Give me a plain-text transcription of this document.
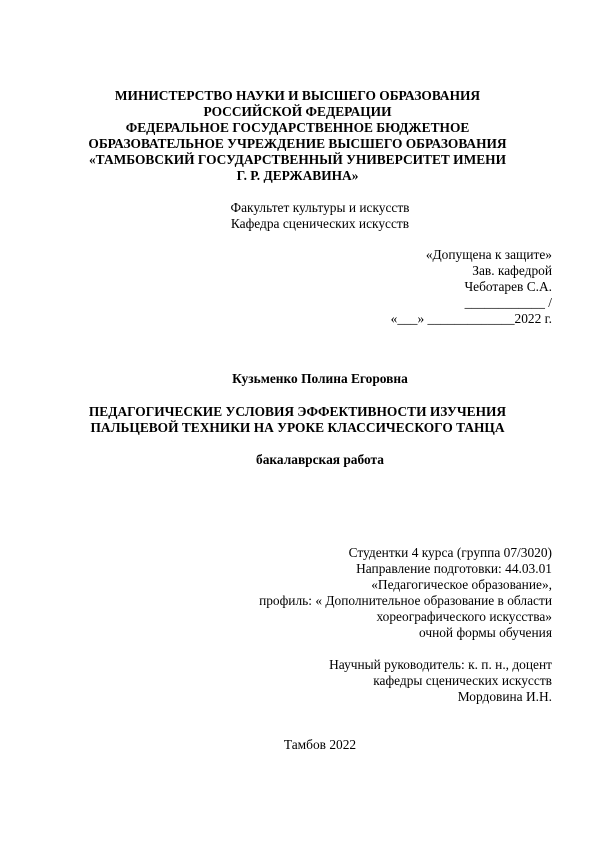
МИНИСТЕРСТВО НАУКИ И ВЫСШЕГО ОБРАЗОВАНИЯ
РОССИЙСКОЙ ФЕДЕРАЦИИ
ФЕДЕРАЛЬНОЕ ГОСУДАРСТВЕННОЕ БЮДЖЕТНОЕ
ОБРАЗОВАТЕЛЬНОЕ УЧРЕЖДЕНИЕ ВЫСШЕГО ОБРАЗОВАНИЯ
«ТАМБОВСКИЙ ГОСУДАРСТВЕННЫЙ УНИВЕРСИТЕТ ИМЕНИ
Г. Р. ДЕРЖАВИНА»
Факультет культуры и искусств
Кафедра сценических искусств
«Допущена к защите»
Зав. кафедрой
Чеботарев С.А.
____________ /
«___» _____________2022 г.
Кузьменко Полина Егоровна
ПЕДАГОГИЧЕСКИЕ УСЛОВИЯ ЭФФЕКТИВНОСТИ ИЗУЧЕНИЯ
ПАЛЬЦЕВОЙ ТЕХНИКИ НА УРОКЕ КЛАССИЧЕСКОГО ТАНЦА
бакалаврская работа
Студентки 4 курса (группа 07/3020)
Направление подготовки: 44.03.01
«Педагогическое образование»,
профиль: « Дополнительное образование в области
хореографического искусства»
очной формы обучения
Научный руководитель: к. п. н., доцент
кафедры сценических искусств
Мордовина И.Н.
Тамбов 2022
